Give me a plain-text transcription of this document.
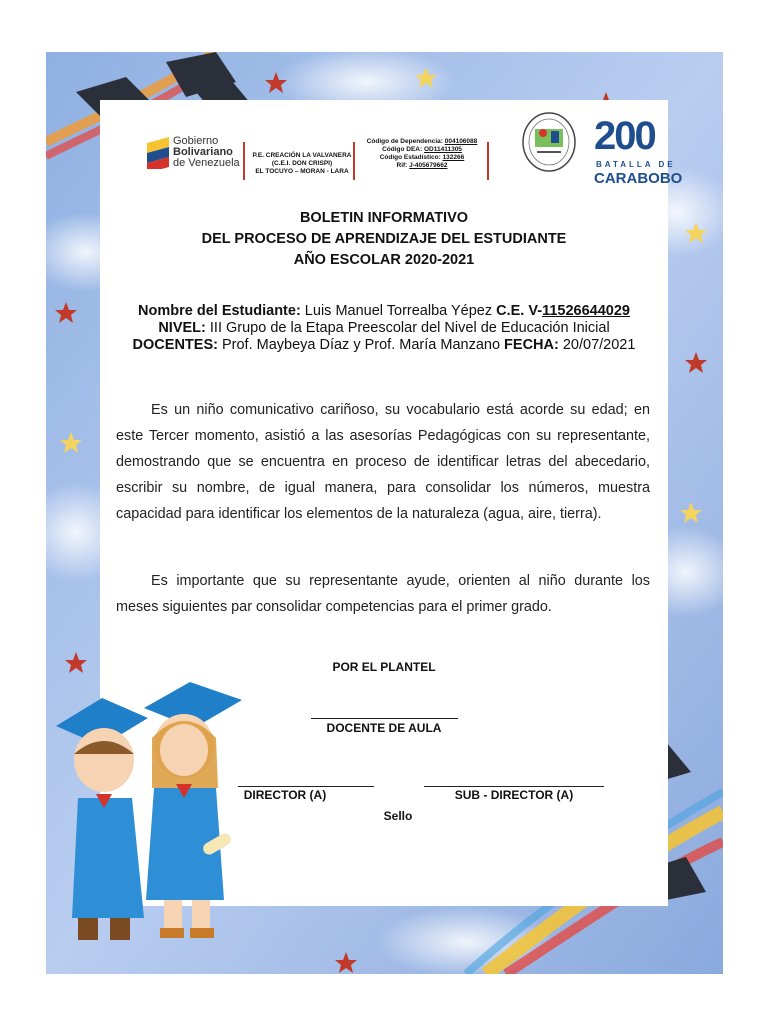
Gobierno
Bolivariano
de Venezuela
P.E. CREACIÓN LA VALVANERA
(C.E.I. DON CRISPI)
EL TOCUYO – MORAN - LARA
Código de Dependencia: 004106088
Código DEA: OD11411305
Código Estadístico: 132266
Rif: J-405679662
200
BATALLA DE
CARABOBO
BOLETIN INFORMATIVO
DEL PROCESO DE APRENDIZAJE DEL ESTUDIANTE
AÑO ESCOLAR 2020-2021
Nombre del Estudiante: Luis Manuel Torrealba Yépez C.E. V-11526644029
NIVEL: III Grupo de la Etapa Preescolar del Nivel de Educación Inicial
DOCENTES: Prof. Maybeya Díaz y Prof. María Manzano FECHA: 20/07/2021
Es un niño comunicativo cariñoso, su vocabulario está acorde su edad; en este Tercer momento, asistió a las asesorías Pedagógicas con su representante, demostrando que se encuentra en proceso de identificar letras del abecedario, escribir su nombre, de igual manera, para consolidar los números, muestra capacidad para identificar los elementos de la naturaleza (agua, aire, tierra).
Es importante que su representante ayude, orienten al niño durante los meses siguientes par consolidar competencias para el primer grado.
POR EL PLANTEL
DOCENTE DE AULA
DIRECTOR (A)	SUB - DIRECTOR (A)
Sello
